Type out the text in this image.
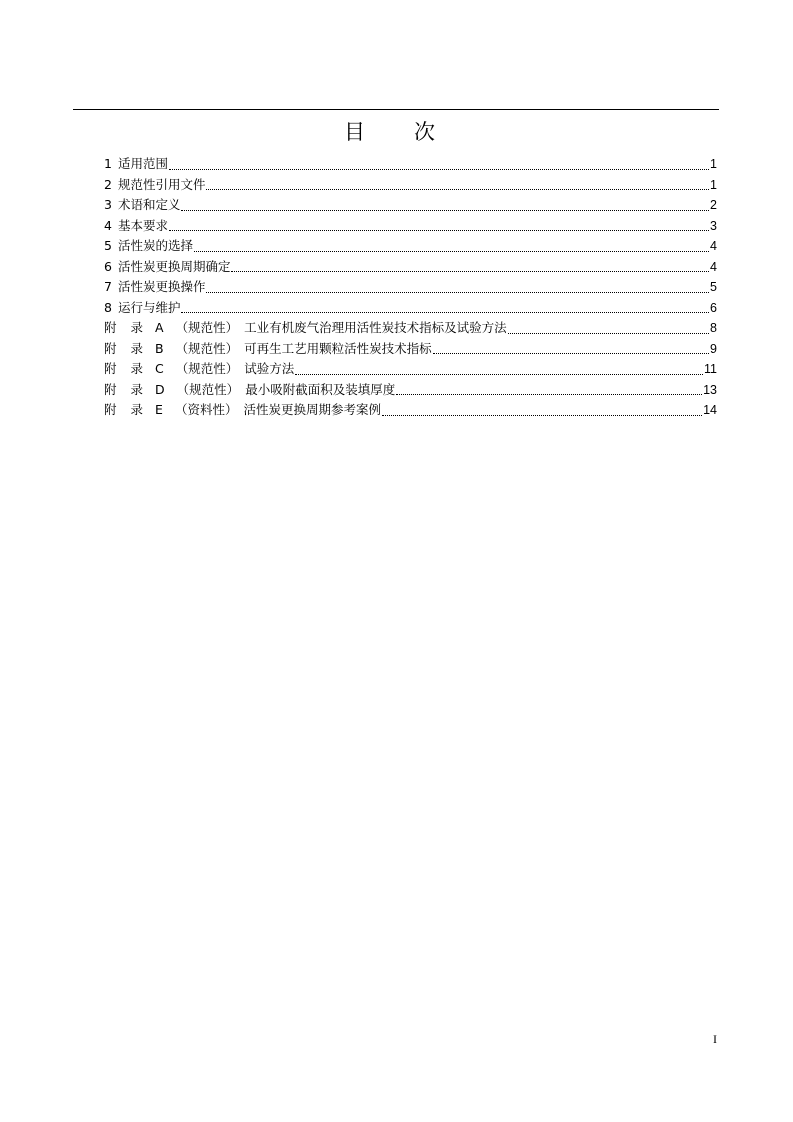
目　次
1 适用范围	1
2 规范性引用文件	1
3 术语和定义	2
4 基本要求	3
5 活性炭的选择	4
6 活性炭更换周期确定	4
7 活性炭更换操作	5
8 运行与维护	6
附 录 A （规范性） 工业有机废气治理用活性炭技术指标及试验方法	8
附 录 B （规范性） 可再生工艺用颗粒活性炭技术指标	9
附 录 C （规范性） 试验方法	11
附 录 D （规范性） 最小吸附截面积及装填厚度	13
附 录 E （资料性） 活性炭更换周期参考案例	14
I
